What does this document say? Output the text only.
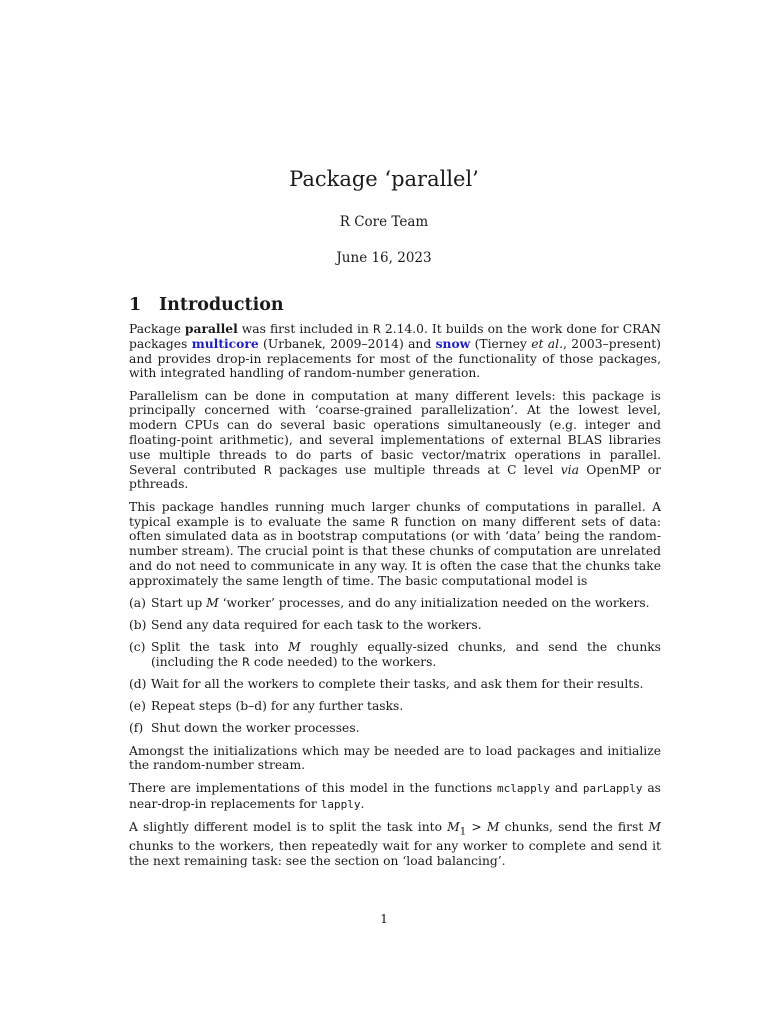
Package ‘parallel’
R Core Team
June 16, 2023
1 Introduction

Package parallel was first included in R 2.14.0. It builds on the work done for CRAN packages multicore (Urbanek, 2009–2014) and snow (Tierney et al., 2003–present) and provides drop-in replacements for most of the functionality of those packages, with integrated handling of random-number generation.

Parallelism can be done in computation at many different levels: this package is principally concerned with ‘coarse-grained parallelization’. At the lowest level, modern CPUs can do several basic operations simultaneously (e.g. integer and floating-point arithmetic), and several implementations of external BLAS libraries use multiple threads to do parts of basic vector/matrix operations in parallel. Several contributed R packages use multiple threads at C level via OpenMP or pthreads.

This package handles running much larger chunks of computations in parallel. A typical example is to evaluate the same R function on many different sets of data: often simulated data as in bootstrap computations (or with ‘data’ being the random-number stream). The crucial point is that these chunks of computation are unrelated and do not need to communicate in any way. It is often the case that the chunks take approximately the same length of time. The basic computational model is

(a) Start up M ‘worker’ processes, and do any initialization needed on the workers.
(b) Send any data required for each task to the workers.
(c) Split the task into M roughly equally-sized chunks, and send the chunks (including the R code needed) to the workers.
(d) Wait for all the workers to complete their tasks, and ask them for their results.
(e) Repeat steps (b–d) for any further tasks.
(f) Shut down the worker processes.

Amongst the initializations which may be needed are to load packages and initialize the random-number stream.

There are implementations of this model in the functions mclapply and parLapply as near-drop-in replacements for lapply.

A slightly different model is to split the task into $M_1 > M$ chunks, send the first M chunks to the workers, then repeatedly wait for any worker to complete and send it the next remaining task: see the section on ‘load balancing’.

1
